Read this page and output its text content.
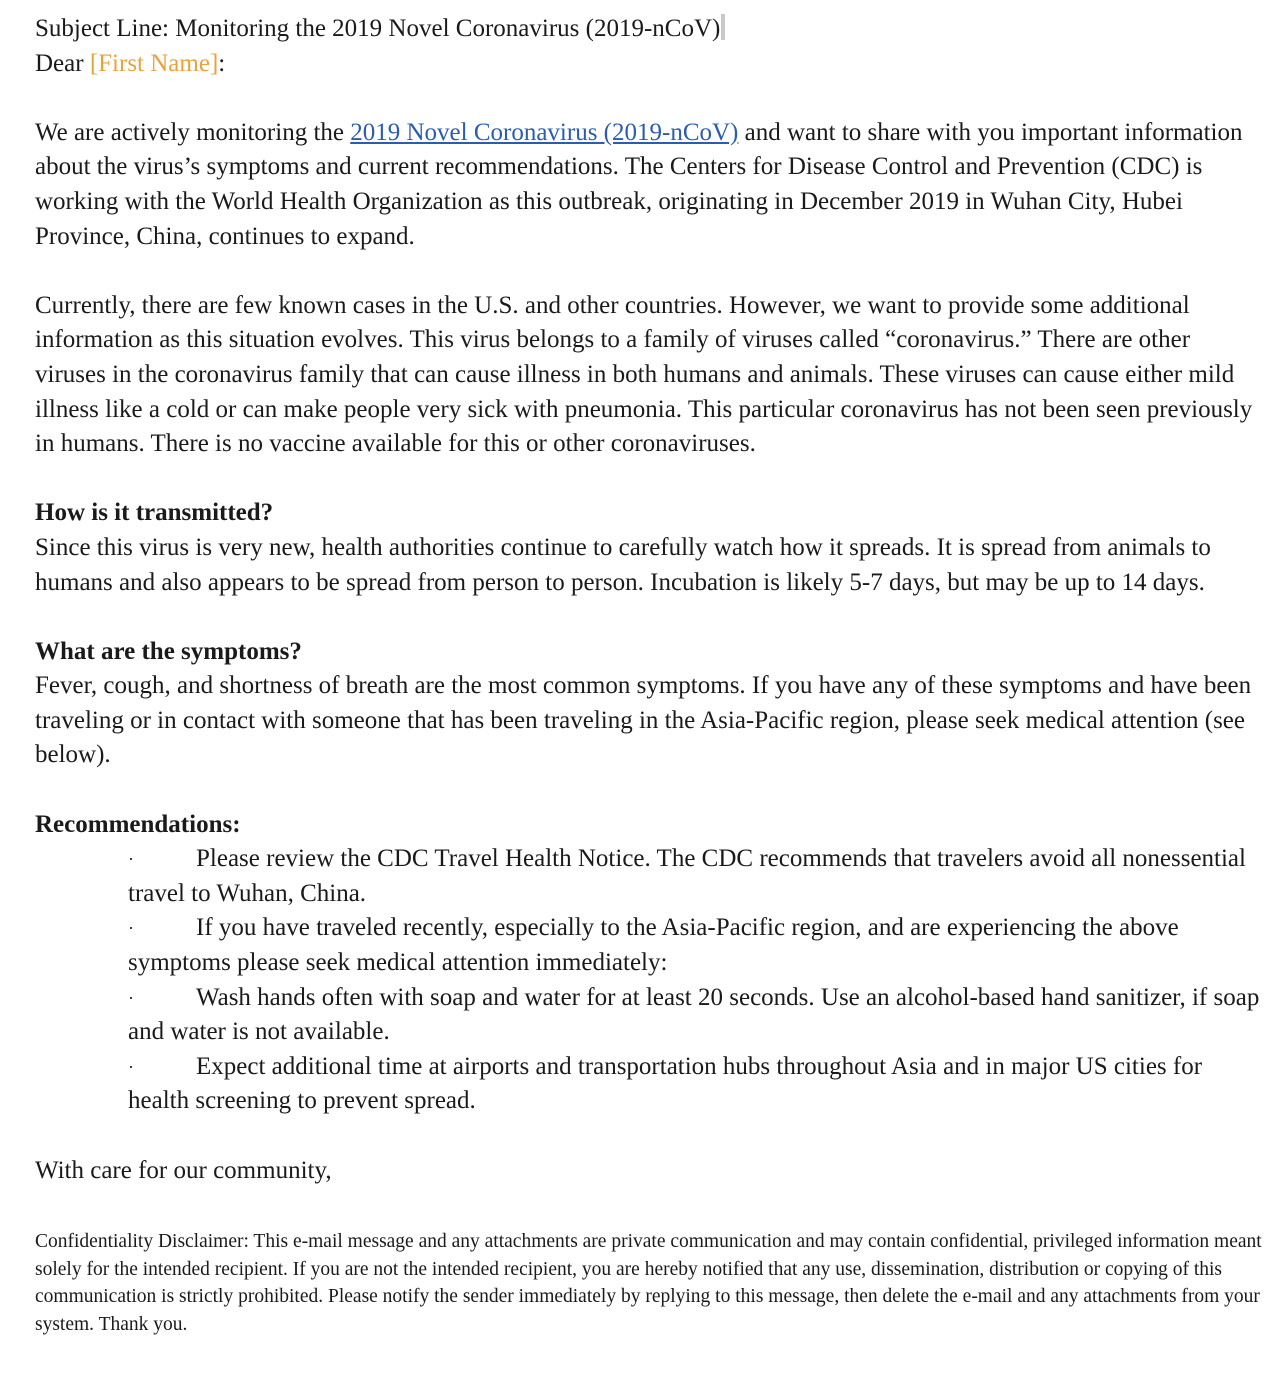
Subject Line: Monitoring the 2019 Novel Coronavirus (2019-nCoV)
Dear [First Name]:

We are actively monitoring the 2019 Novel Coronavirus (2019-nCoV) and want to share with you important information about the virus’s symptoms and current recommendations. The Centers for Disease Control and Prevention (CDC) is working with the World Health Organization as this outbreak, originating in December 2019 in Wuhan City, Hubei Province, China, continues to expand.

Currently, there are few known cases in the U.S. and other countries. However, we want to provide some additional information as this situation evolves. This virus belongs to a family of viruses called “coronavirus.” There are other viruses in the coronavirus family that can cause illness in both humans and animals. These viruses can cause either mild illness like a cold or can make people very sick with pneumonia. This particular coronavirus has not been seen previously in humans. There is no vaccine available for this or other coronaviruses.

How is it transmitted?

Since this virus is very new, health authorities continue to carefully watch how it spreads. It is spread from animals to humans and also appears to be spread from person to person. Incubation is likely 5-7 days, but may be up to 14 days.

What are the symptoms?

Fever, cough, and shortness of breath are the most common symptoms. If you have any of these symptoms and have been traveling or in contact with someone that has been traveling in the Asia-Pacific region, please seek medical attention (see below).

Recommendations:
· Please review the CDC Travel Health Notice. The CDC recommends that travelers avoid all nonessential travel to Wuhan, China.
· If you have traveled recently, especially to the Asia-Pacific region, and are experiencing the above symptoms please seek medical attention immediately:
· Wash hands often with soap and water for at least 20 seconds. Use an alcohol-based hand sanitizer, if soap and water is not available.
· Expect additional time at airports and transportation hubs throughout Asia and in major US cities for health screening to prevent spread.

With care for our community,

Confidentiality Disclaimer: This e-mail message and any attachments are private communication and may contain confidential, privileged information meant solely for the intended recipient. If you are not the intended recipient, you are hereby notified that any use, dissemination, distribution or copying of this communication is strictly prohibited. Please notify the sender immediately by replying to this message, then delete the e-mail and any attachments from your system. Thank you.
